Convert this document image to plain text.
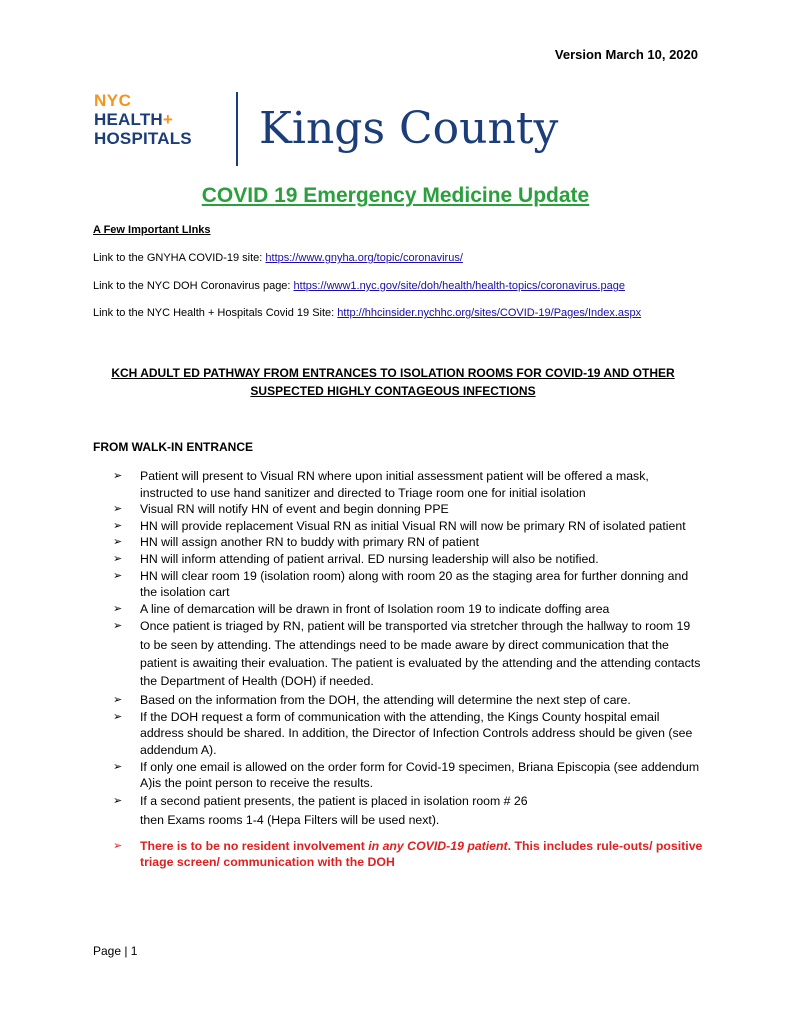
Version March 10, 2020
NYC
HEALTH+
HOSPITALS Kings County
COVID 19 Emergency Medicine Update
A Few Important LInks
Link to the GNYHA COVID-19 site: https://www.gnyha.org/topic/coronavirus/
Link to the NYC DOH Coronavirus page: https://www1.nyc.gov/site/doh/health/health-topics/coronavirus.page
Link to the NYC Health + Hospitals Covid 19 Site: http://hhcinsider.nychhc.org/sites/COVID-19/Pages/Index.aspx
KCH ADULT ED PATHWAY FROM ENTRANCES TO ISOLATION ROOMS FOR COVID-19 AND OTHER
SUSPECTED HIGHLY CONTAGEOUS INFECTIONS
FROM WALK-IN ENTRANCE
➢ Patient will present to Visual RN where upon initial assessment patient will be offered a mask, instructed to use hand sanitizer and directed to Triage room one for initial isolation
➢ Visual RN will notify HN of event and begin donning PPE
➢ HN will provide replacement Visual RN as initial Visual RN will now be primary RN of isolated patient
➢ HN will assign another RN to buddy with primary RN of patient
➢ HN will inform attending of patient arrival. ED nursing leadership will also be notified.
➢ HN will clear room 19 (isolation room) along with room 20 as the staging area for further donning and the isolation cart
➢ A line of demarcation will be drawn in front of Isolation room 19 to indicate doffing area
➢ Once patient is triaged by RN, patient will be transported via stretcher through the hallway to room 19 to be seen by attending. The attendings need to be made aware by direct communication that the patient is awaiting their evaluation. The patient is evaluated by the attending and the attending contacts the Department of Health (DOH) if needed.
➢ Based on the information from the DOH, the attending will determine the next step of care.
➢ If the DOH request a form of communication with the attending, the Kings County hospital email address should be shared. In addition, the Director of Infection Controls address should be given (see addendum A).
➢ If only one email is allowed on the order form for Covid-19 specimen, Briana Episcopia (see addendum A)is the point person to receive the results.
➢ If a second patient presents, the patient is placed in isolation room # 26
then Exams rooms 1-4 (Hepa Filters will be used next).
➢ There is to be no resident involvement in any COVID-19 patient. This includes rule-outs/ positive triage screen/ communication with the DOH
Page | 1
